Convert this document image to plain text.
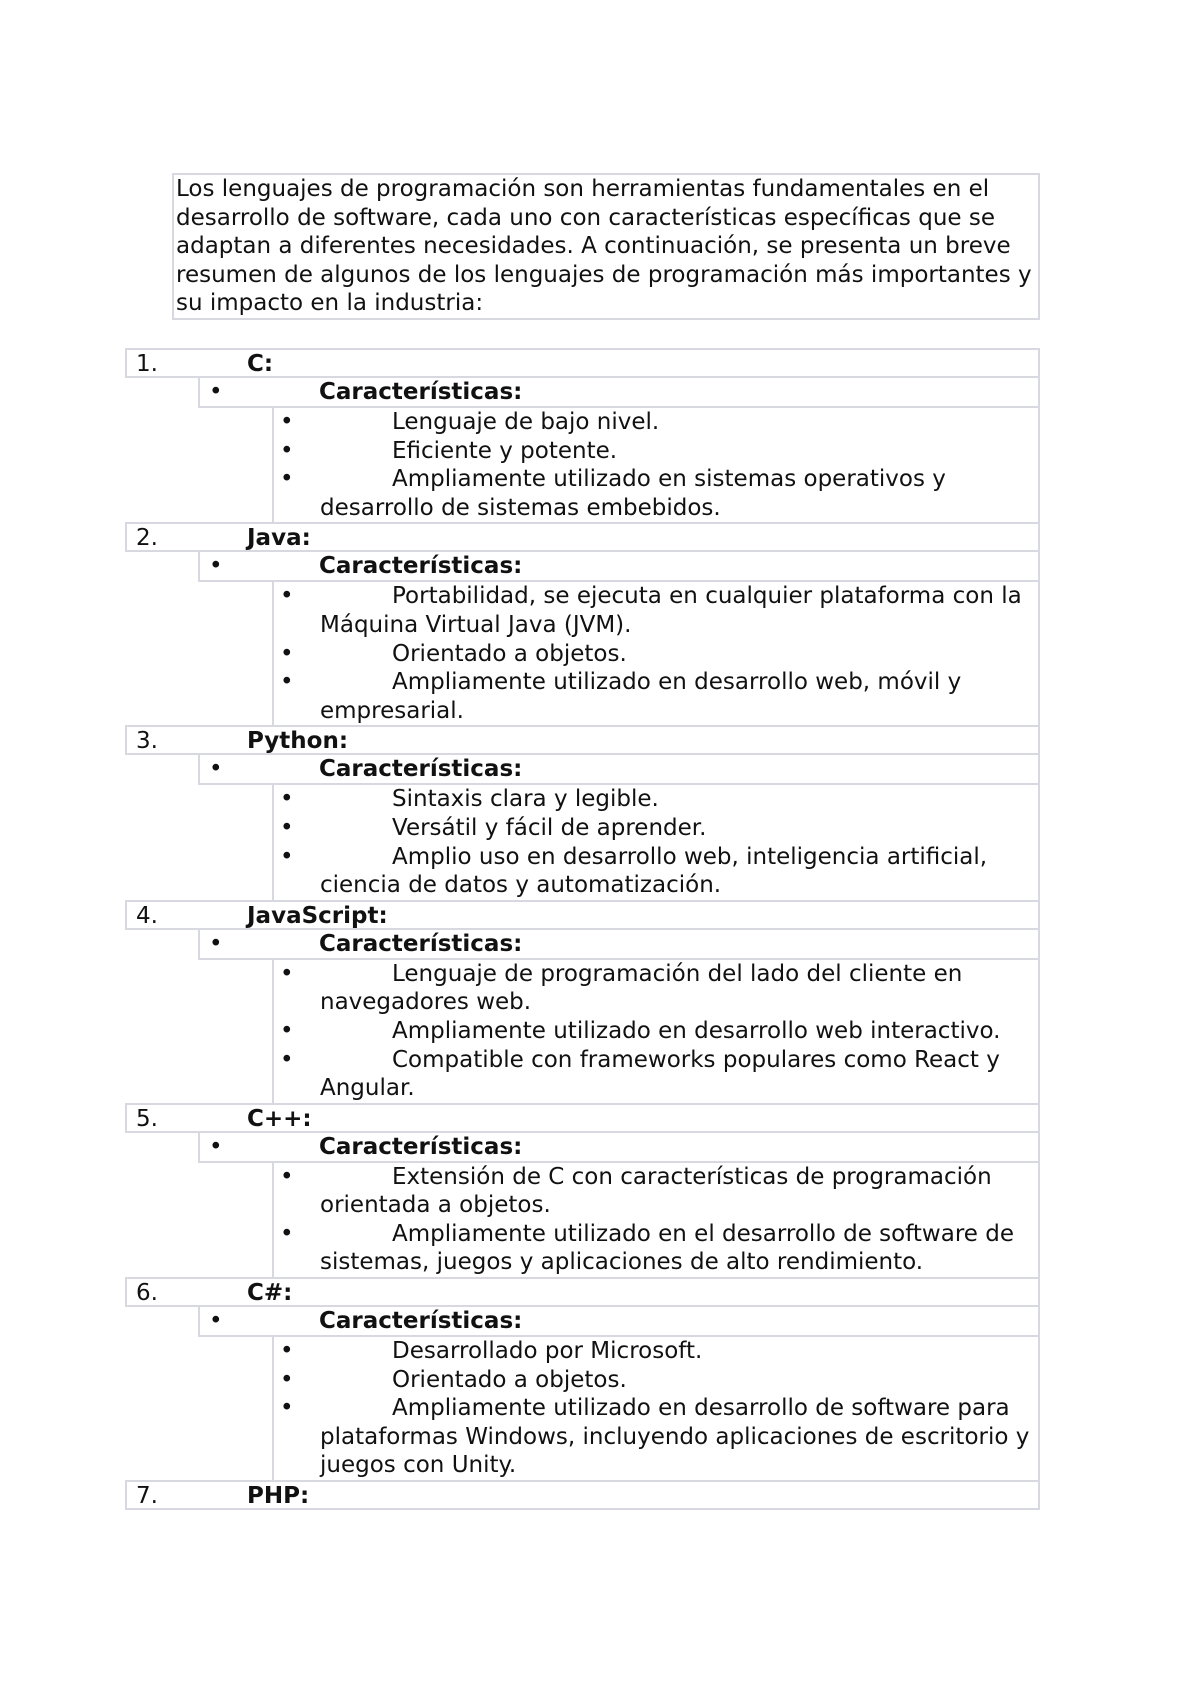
Los lenguajes de programación son herramientas fundamentales en el desarrollo de software, cada uno con características específicas que se adaptan a diferentes necesidades. A continuación, se presenta un breve resumen de algunos de los lenguajes de programación más importantes y su impacto en la industria:
1.	C:
•	Características:
• Lenguaje de bajo nivel.
• Eficiente y potente.
• Ampliamente utilizado en sistemas operativos y desarrollo de sistemas embebidos.
2.	Java:
•	Características:
• Portabilidad, se ejecuta en cualquier plataforma con la Máquina Virtual Java (JVM).
• Orientado a objetos.
• Ampliamente utilizado en desarrollo web, móvil y empresarial.
3.	Python:
•	Características:
• Sintaxis clara y legible.
• Versátil y fácil de aprender.
• Amplio uso en desarrollo web, inteligencia artificial, ciencia de datos y automatización.
4.	JavaScript:
•	Características:
• Lenguaje de programación del lado del cliente en navegadores web.
• Ampliamente utilizado en desarrollo web interactivo.
• Compatible con frameworks populares como React y Angular.
5.	C++:
•	Características:
• Extensión de C con características de programación orientada a objetos.
• Ampliamente utilizado en el desarrollo de software de sistemas, juegos y aplicaciones de alto rendimiento.
6.	C#:
•	Características:
• Desarrollado por Microsoft.
• Orientado a objetos.
• Ampliamente utilizado en desarrollo de software para plataformas Windows, incluyendo aplicaciones de escritorio y juegos con Unity.
7.	PHP:
